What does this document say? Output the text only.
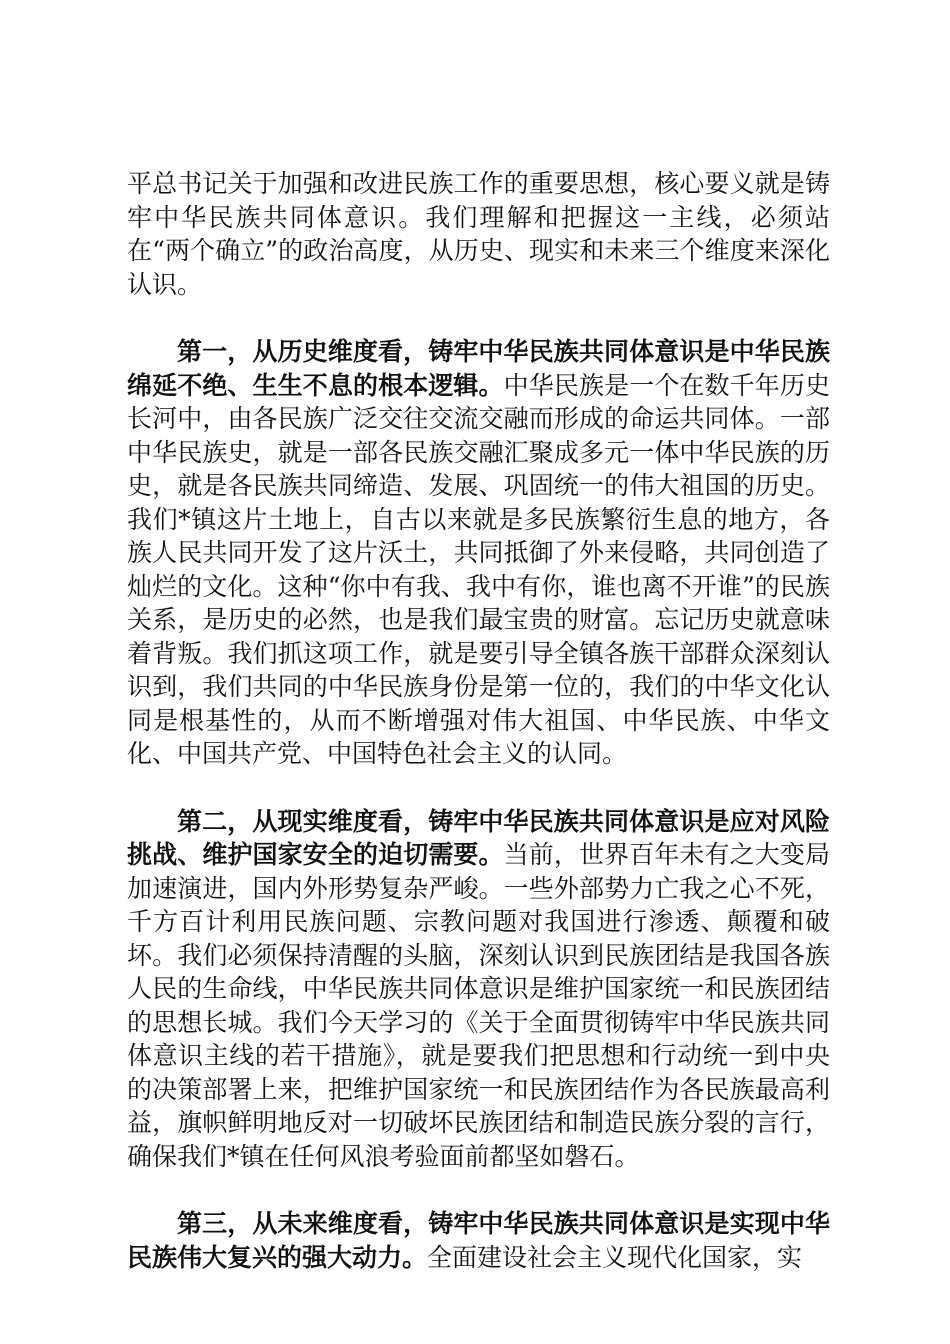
平总书记关于加强和改进民族工作的重要思想，核心要义就是铸牢中华民族共同体意识。我们理解和把握这一主线，必须站在“两个确立”的政治高度，从历史、现实和未来三个维度来深化认识。

第一，从历史维度看，铸牢中华民族共同体意识是中华民族绵延不绝、生生不息的根本逻辑。中华民族是一个在数千年历史长河中，由各民族广泛交往交流交融而形成的命运共同体。一部中华民族史，就是一部各民族交融汇聚成多元一体中华民族的历史，就是各民族共同缔造、发展、巩固统一的伟大祖国的历史。我们*镇这片土地上，自古以来就是多民族繁衍生息的地方，各族人民共同开发了这片沃土，共同抵御了外来侵略，共同创造了灿烂的文化。这种“你中有我、我中有你，谁也离不开谁”的民族关系，是历史的必然，也是我们最宝贵的财富。忘记历史就意味着背叛。我们抓这项工作，就是要引导全镇各族干部群众深刻认识到，我们共同的中华民族身份是第一位的，我们的中华文化认同是根基性的，从而不断增强对伟大祖国、中华民族、中华文化、中国共产党、中国特色社会主义的认同。

第二，从现实维度看，铸牢中华民族共同体意识是应对风险挑战、维护国家安全的迫切需要。当前，世界百年未有之大变局加速演进，国内外形势复杂严峻。一些外部势力亡我之心不死，千方百计利用民族问题、宗教问题对我国进行渗透、颠覆和破坏。我们必须保持清醒的头脑，深刻认识到民族团结是我国各族人民的生命线，中华民族共同体意识是维护国家统一和民族团结的思想长城。我们今天学习的《关于全面贯彻铸牢中华民族共同体意识主线的若干措施》，就是要我们把思想和行动统一到中央的决策部署上来，把维护国家统一和民族团结作为各民族最高利益，旗帜鲜明地反对一切破坏民族团结和制造民族分裂的言行，确保我们*镇在任何风浪考验面前都坚如磐石。

第三，从未来维度看，铸牢中华民族共同体意识是实现中华民族伟大复兴的强大动力。全面建设社会主义现代化国家，实
